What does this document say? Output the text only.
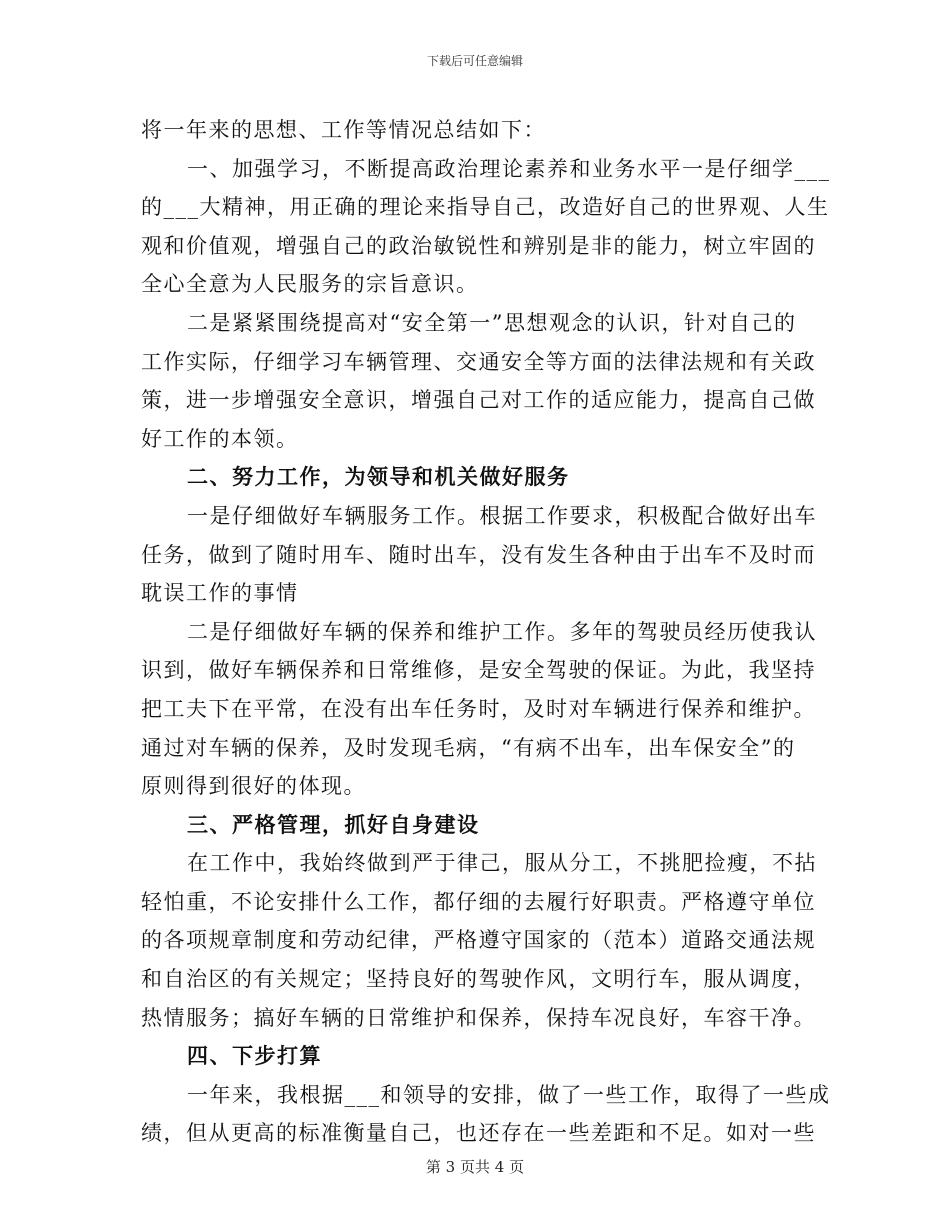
下载后可任意编辑
将一年来的思想、工作等情况总结如下：
一、加强学习，不断提高政治理论素养和业务水平一是仔细学___
的___大精神，用正确的理论来指导自己，改造好自己的世界观、人生
观和价值观，增强自己的政治敏锐性和辨别是非的能力，树立牢固的
全心全意为人民服务的宗旨意识。
二是紧紧围绕提高对“安全第一”思想观念的认识，针对自己的
工作实际，仔细学习车辆管理、交通安全等方面的法律法规和有关政
策，进一步增强安全意识，增强自己对工作的适应能力，提高自己做
好工作的本领。
二、努力工作，为领导和机关做好服务
一是仔细做好车辆服务工作。根据工作要求，积极配合做好出车
任务，做到了随时用车、随时出车，没有发生各种由于出车不及时而
耽误工作的事情
二是仔细做好车辆的保养和维护工作。多年的驾驶员经历使我认
识到，做好车辆保养和日常维修，是安全驾驶的保证。为此，我坚持
把工夫下在平常，在没有出车任务时，及时对车辆进行保养和维护。
通过对车辆的保养，及时发现毛病，“有病不出车，出车保安全”的
原则得到很好的体现。
三、严格管理，抓好自身建设
在工作中，我始终做到严于律己，服从分工，不挑肥捡瘦，不拈
轻怕重，不论安排什么工作，都仔细的去履行好职责。严格遵守单位
的各项规章制度和劳动纪律，严格遵守国家的（范本）道路交通法规
和自治区的有关规定；坚持良好的驾驶作风，文明行车，服从调度，
热情服务；搞好车辆的日常维护和保养，保持车况良好，车容干净。
四、下步打算
一年来，我根据___和领导的安排，做了一些工作，取得了一些成
绩，但从更高的标准衡量自己，也还存在一些差距和不足。如对一些
第 3 页共 4 页
